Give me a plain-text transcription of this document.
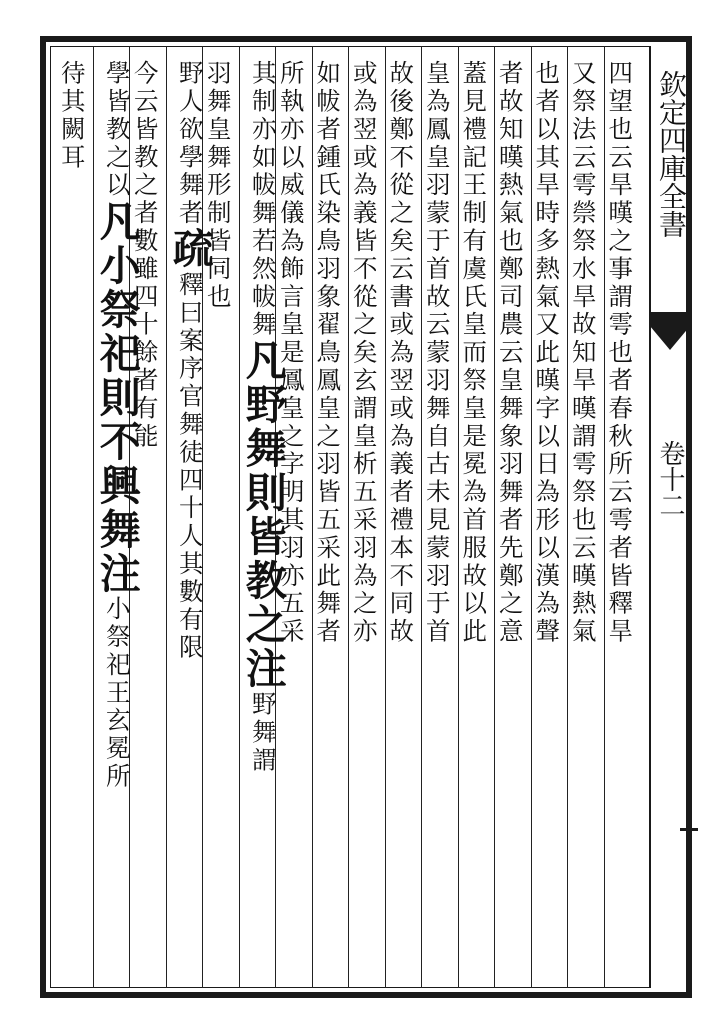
欽定四庫全書
卷十二
四望也云旱暵之事謂雩也者春秋所云雩者皆釋旱
又祭法云雩禜祭水旱故知旱暵謂雩祭也云暵熱氣
也者以其旱時多熱氣又此暵字以日為形以漢為聲
者故知暵熱氣也鄭司農云皇舞象羽舞者先鄭之意
蓋見禮記王制有虞氏皇而祭皇是冕為首服故以此
皇為鳳皇羽蒙于首故云蒙羽舞自古未見蒙羽于首
故後鄭不從之矣云書或為翌或為義者禮本不同故
或為翌或為義皆不從之矣玄謂皇析五采羽為之亦
如帗者鍾氏染鳥羽象翟鳥鳳皇之羽皆五采此舞者
所執亦以威儀為飾言皇是鳳皇之字明其羽亦五采
其制亦如帗舞若然帗舞凡野舞則皆教之注野舞謂
羽舞皇舞形制皆同也
野人欲學舞者疏釋曰案序官舞徒四十人其數有限
今云皆教之者數雖四十餘者有能
學皆教之以凡小祭祀則不興舞注小祭祀王玄冕所
待其闕耳
